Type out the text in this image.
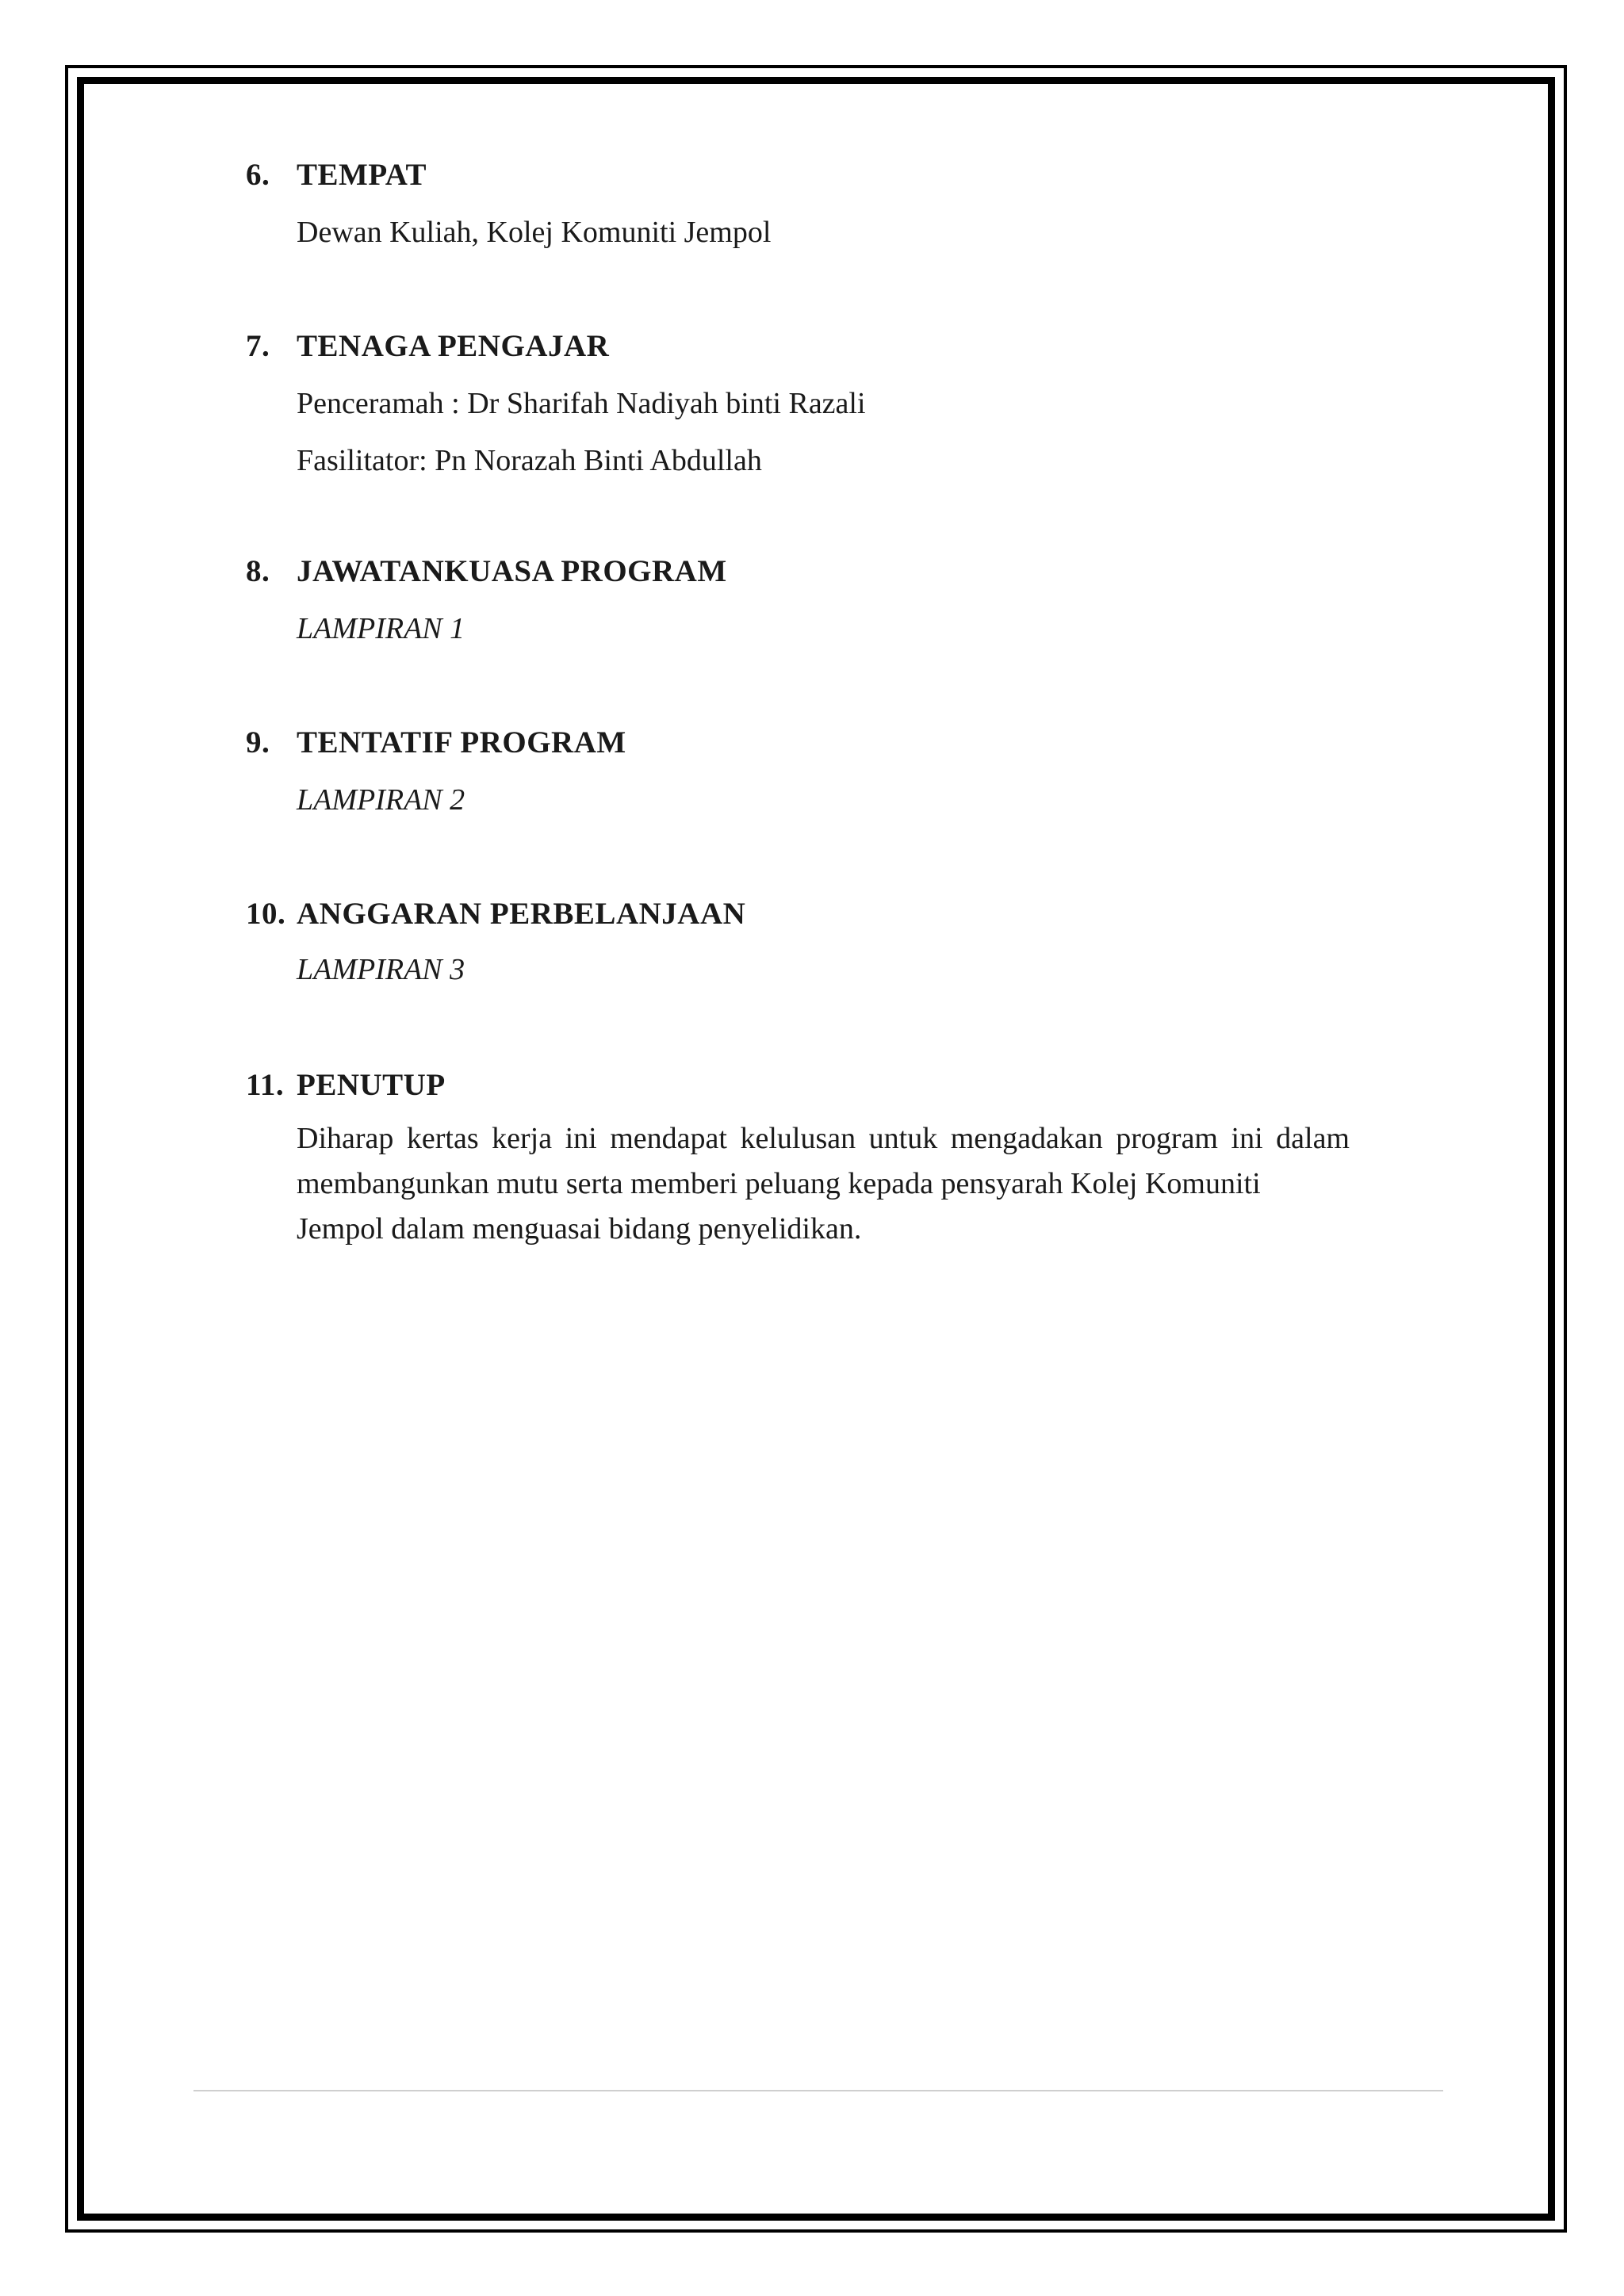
6. TEMPAT
Dewan Kuliah, Kolej Komuniti Jempol
7. TENAGA PENGAJAR
Penceramah : Dr Sharifah Nadiyah binti Razali
Fasilitator: Pn Norazah Binti Abdullah
8. JAWATANKUASA PROGRAM
LAMPIRAN 1
9. TENTATIF PROGRAM
LAMPIRAN 2
10. ANGGARAN PERBELANJAAN
LAMPIRAN 3
11. PENUTUP
Diharap kertas kerja ini mendapat kelulusan untuk mengadakan program ini dalam
membangunkan mutu serta memberi peluang kepada pensyarah Kolej Komuniti
Jempol dalam menguasai bidang penyelidikan.
